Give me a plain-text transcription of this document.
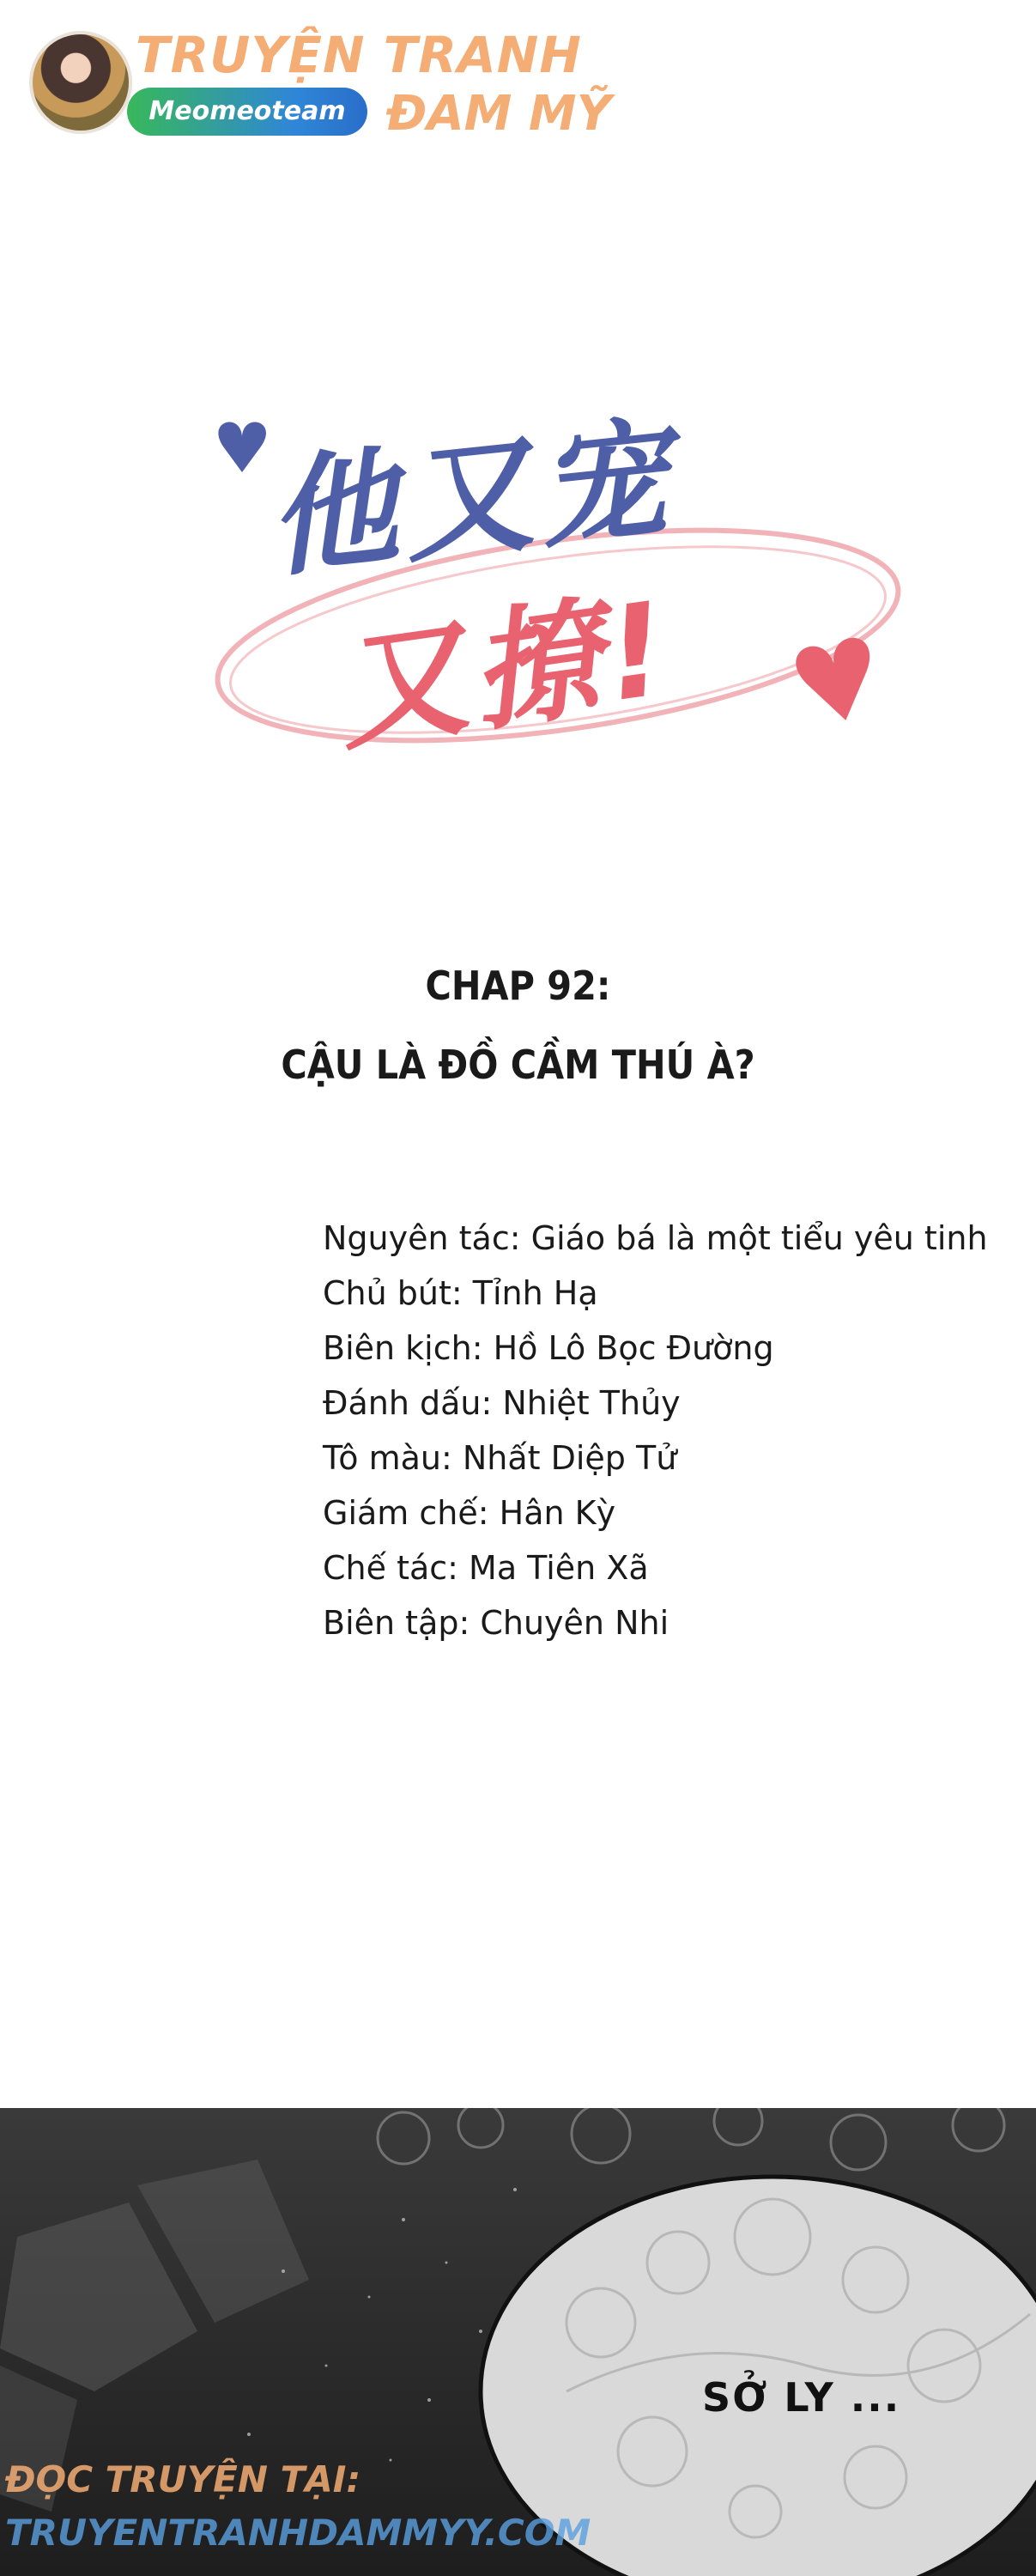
TRUYỆN TRANH
Meomeoteam ĐAM MỸ
他又宠
又撩!
CHAP 92:
CẬU LÀ ĐỒ CẦM THÚ À?
Nguyên tác: Giáo bá là một tiểu yêu tinh
Chủ bút: Tỉnh Hạ
Biên kịch: Hồ Lô Bọc Đường
Đánh dấu: Nhiệt Thủy
Tô màu: Nhất Diệp Tử
Giám chế: Hân Kỳ
Chế tác: Ma Tiên Xã
Biên tập: Chuyên Nhi
SỞ LY ...
ĐỌC TRUYỆN TẠI:
TRUYENTRANHDAMMYY.COM
